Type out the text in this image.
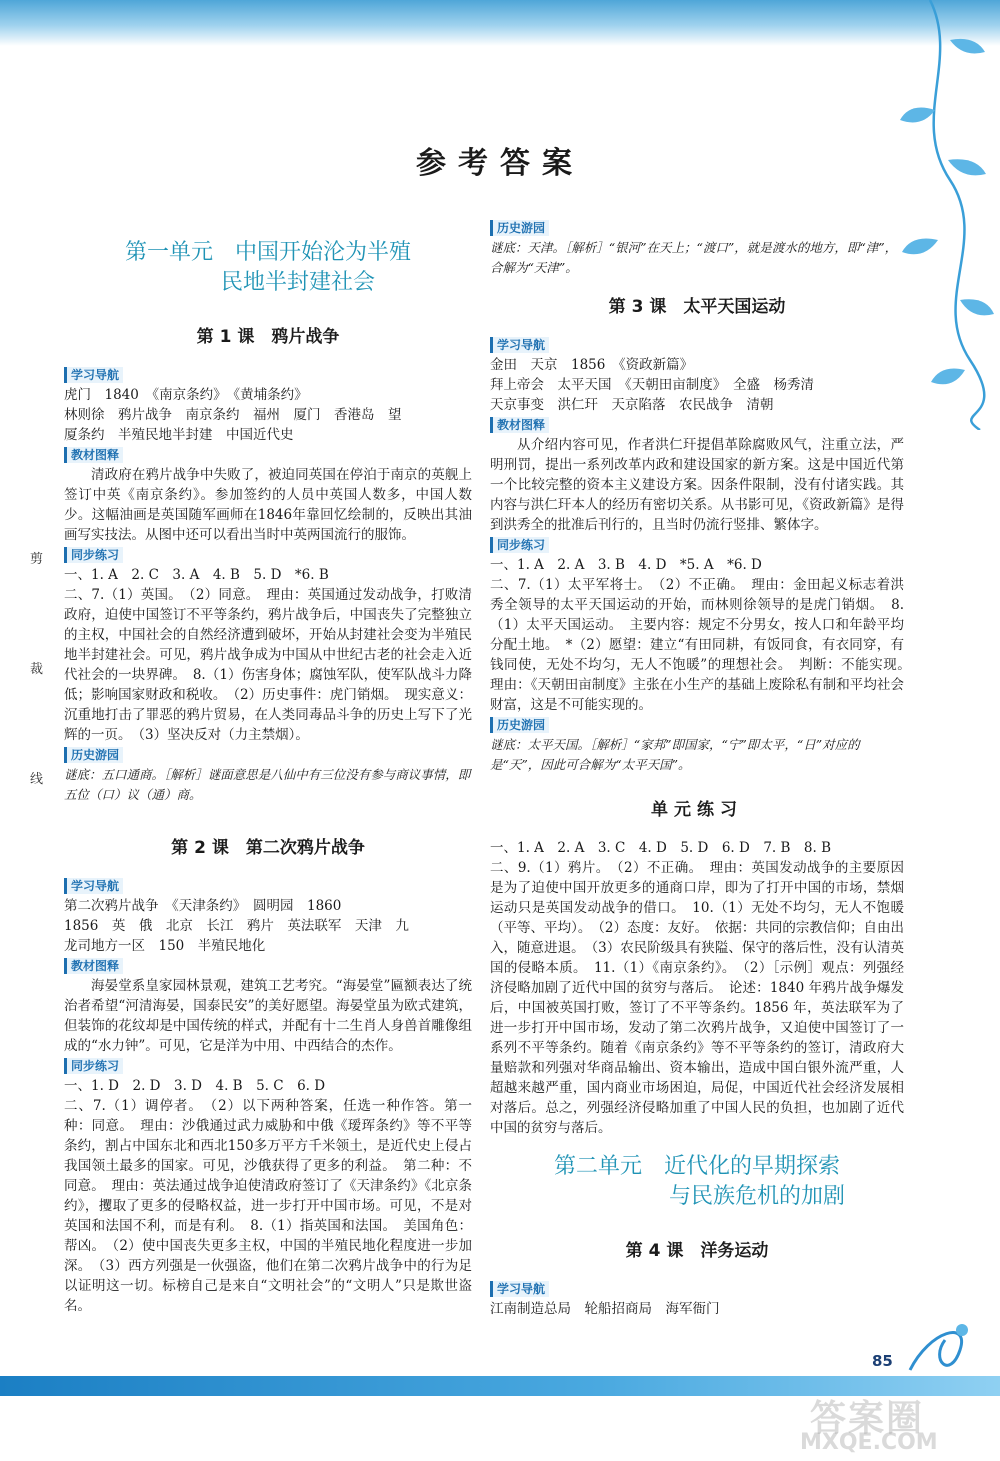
参考答案
剪
裁
线
第一单元　中国开始沦为半殖
民地半封建社会
第 1 课　鸦片战争
学习导航

虎门　1840　《南京条约》　《黄埔条约》

林则徐　鸦片战争　南京条约　福州　厦门　香港岛　望

厦条约　半殖民地半封建　中国近代史

教材图释

清政府在鸦片战争中失败了，被迫同英国在停泊于南京的英舰上签订中英《南京条约》。参加签约的人员中英国人数多，中国人数少。这幅油画是英国随军画师在1846年靠回忆绘制的，反映出其油画写实技法。从图中还可以看出当时中英两国流行的服饰。

同步练习

一、1. A　2. C　3. A　4. B　5. D　*6. B

二、7.（1）英国。　（2）同意。　理由：英国通过发动战争，打败清政府，迫使中国签订不平等条约，鸦片战争后，中国丧失了完整独立的主权，中国社会的自然经济遭到破坏，开始从封建社会变为半殖民地半封建社会。可见，鸦片战争成为中国从中世纪古老的社会走入近代社会的一块界碑。　8.（1）伤害身体；腐蚀军队，使军队战斗力降低；影响国家财政和税收。　（2）历史事件：虎门销烟。　现实意义：沉重地打击了罪恶的鸦片贸易，在人类同毒品斗争的历史上写下了光辉的一页。　（3）坚决反对（力主禁烟）。

历史游园

谜底：五口通商。［解析］谜面意思是八仙中有三位没有参与商议事情，即五位（口）议（通）商。

第 2 课　第二次鸦片战争
学习导航

第二次鸦片战争　《天津条约》　圆明园　1860

1856　英　俄　北京　长江　鸦片　英法联军　天津　九

龙司地方一区　150　半殖民地化

教材图释

海晏堂系皇家园林景观，建筑工艺考究。“海晏堂”匾额表达了统治者希望“河清海晏，国泰民安”的美好愿望。海晏堂虽为欧式建筑，但装饰的花纹却是中国传统的样式，并配有十二生肖人身兽首雕像组成的“水力钟”。可见，它是洋为中用、中西结合的杰作。

同步练习

一、1. D　2. D　3. D　4. B　5. C　6. D

二、7.（1）调停者。　（2）以下两种答案，任选一种作答。第一种：同意。　理由：沙俄通过武力威胁和中俄《瑷珲条约》等不平等条约，割占中国东北和西北150多万平方千米领土，是近代史上侵占我国领土最多的国家。可见，沙俄获得了更多的利益。　第二种：不同意。　理由：英法通过战争迫使清政府签订了《天津条约》《北京条约》，攫取了更多的侵略权益，进一步打开中国市场。可见，不是对英国和法国不利，而是有利。　8.（1）指英国和法国。　美国角色：帮凶。　（2）使中国丧失更多主权，中国的半殖民地化程度进一步加深。　（3）西方列强是一伙强盗，他们在第二次鸦片战争中的行为足以证明这一切。标榜自己是来自“文明社会”的“文明人”只是欺世盗名。

历史游园

谜底：天津。［解析］“银河”在天上；“渡口”，就是渡水的地方，即“津”，合解为“天津”。

第 3 课　太平天国运动
学习导航

金田　天京　1856　《资政新篇》

拜上帝会　太平天国　《天朝田亩制度》　全盛　杨秀清

天京事变　洪仁玕　天京陷落　农民战争　清朝

教材图释

从介绍内容可见，作者洪仁玕提倡革除腐败风气，注重立法，严明刑罚，提出一系列改革内政和建设国家的新方案。这是中国近代第一个比较完整的资本主义建设方案。因条件限制，没有付诸实践。其内容与洪仁玕本人的经历有密切关系。从书影可见，《资政新篇》是得到洪秀全的批准后刊行的，且当时仍流行竖排、繁体字。

同步练习

一、1. A　2. A　3. B　4. D　*5. A　*6. D

二、7.（1）太平军将士。　（2）不正确。　理由：金田起义标志着洪秀全领导的太平天国运动的开始，而林则徐领导的是虎门销烟。　8.（1）太平天国运动。　主要内容：规定不分男女，按人口和年龄平均分配土地。　*（2）愿望：建立“有田同耕，有饭同食，有衣同穿，有钱同使，无处不均匀，无人不饱暖”的理想社会。　判断：不能实现。　理由：《天朝田亩制度》主张在小生产的基础上废除私有制和平均社会财富，这是不可能实现的。

历史游园

谜底：太平天国。［解析］“家邦”即国家，“宁”即太平，“日”对应的是“天”，因此可合解为“太平天国”。

单元练习

一、1. A　2. A　3. C　4. D　5. D　6. D　7. B　8. B

二、9.（1）鸦片。　（2）不正确。　理由：英国发动战争的主要原因是为了迫使中国开放更多的通商口岸，即为了打开中国的市场，禁烟运动只是英国发动战争的借口。　10.（1）无处不均匀，无人不饱暖（平等、平均）。　（2）态度：友好。　依据：共同的宗教信仰；自由出入，随意进退。　（3）农民阶级具有狭隘、保守的落后性，没有认清英国的侵略本质。　11.（1）《南京条约》。　（2）［示例］观点：列强经济侵略加剧了近代中国的贫穷与落后。　论述：1840 年鸦片战争爆发后，中国被英国打败，签订了不平等条约。1856 年，英法联军为了进一步打开中国市场，发动了第二次鸦片战争，又迫使中国签订了一系列不平等条约。随着《南京条约》等不平等条约的签订，清政府大量赔款和列强对华商品输出、资本输出，造成中国白银外流严重，人超越来越严重，国内商业市场困迫，局促，中国近代社会经济发展相对落后。总之，列强经济侵略加重了中国人民的负担，也加剧了近代中国的贫穷与落后。

第二单元　近代化的早期探索
与民族危机的加剧
第 4 课　洋务运动
学习导航

江南制造总局　轮船招商局　海军衙门

85
答案圈
MXQE.COM
